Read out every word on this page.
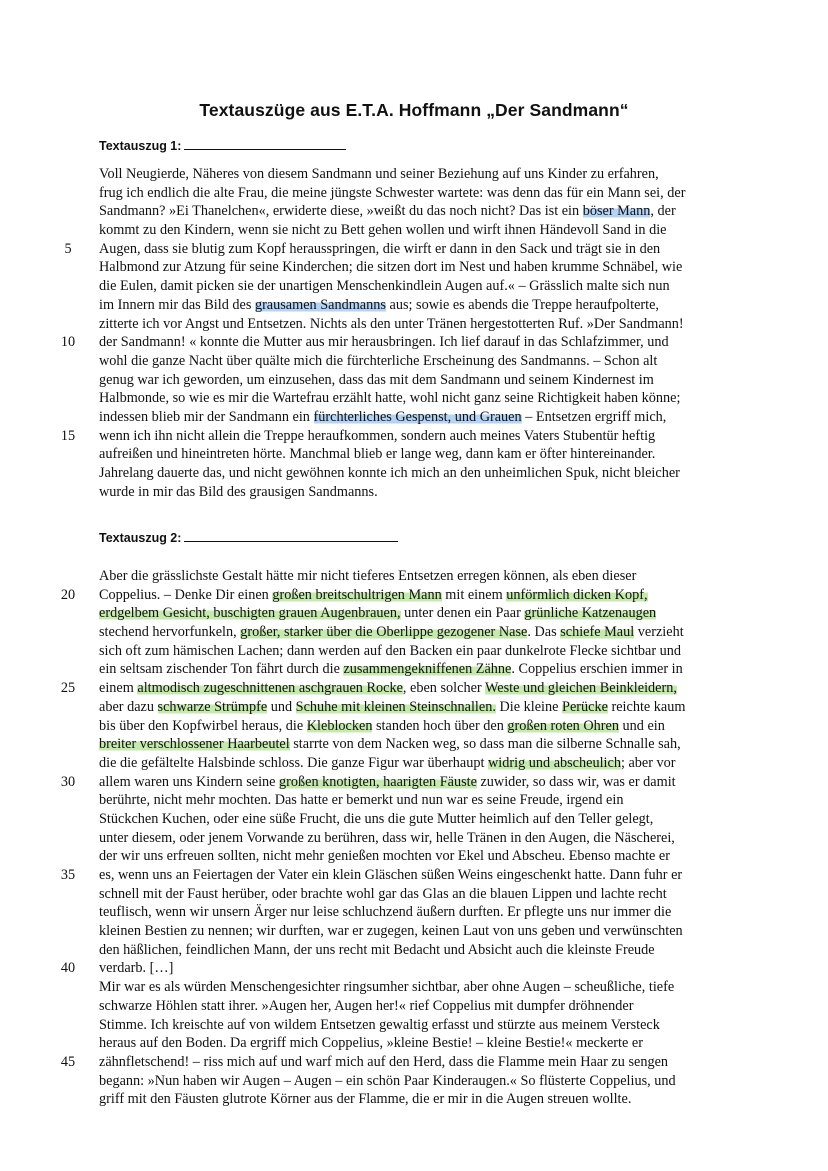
Textauszüge aus E.T.A. Hoffmann „Der Sandmann“
Textauszug 1:
Voll Neugierde, Näheres von diesem Sandmann und seiner Beziehung auf uns Kinder zu erfahren,
frug ich endlich die alte Frau, die meine jüngste Schwester wartete: was denn das für ein Mann sei, der
Sandmann? »Ei Thanelchen«, erwiderte diese, »weißt du das noch nicht? Das ist ein böser Mann, der
kommt zu den Kindern, wenn sie nicht zu Bett gehen wollen und wirft ihnen Händevoll Sand in die
5	Augen, dass sie blutig zum Kopf herausspringen, die wirft er dann in den Sack und trägt sie in den
Halbmond zur Atzung für seine Kinderchen; die sitzen dort im Nest und haben krumme Schnäbel, wie
die Eulen, damit picken sie der unartigen Menschenkindlein Augen auf.« – Grässlich malte sich nun
im Innern mir das Bild des grausamen Sandmanns aus; sowie es abends die Treppe heraufpolterte,
zitterte ich vor Angst und Entsetzen. Nichts als den unter Tränen hergestotterten Ruf. »Der Sandmann!
10 der Sandmann! « konnte die Mutter aus mir herausbringen. Ich lief darauf in das Schlafzimmer, und
wohl die ganze Nacht über quälte mich die fürchterliche Erscheinung des Sandmanns. – Schon alt
genug war ich geworden, um einzusehen, dass das mit dem Sandmann und seinem Kindernest im
Halbmonde, so wie es mir die Wartefrau erzählt hatte, wohl nicht ganz seine Richtigkeit haben könne;
indessen blieb mir der Sandmann ein fürchterliches Gespenst, und Grauen – Entsetzen ergriff mich,
15 wenn ich ihn nicht allein die Treppe heraufkommen, sondern auch meines Vaters Stubentür heftig
aufreißen und hineintreten hörte. Manchmal blieb er lange weg, dann kam er öfter hintereinander.
Jahrelang dauerte das, und nicht gewöhnen konnte ich mich an den unheimlichen Spuk, nicht bleicher
wurde in mir das Bild des grausigen Sandmanns.
Textauszug 2:
Aber die grässlichste Gestalt hätte mir nicht tieferes Entsetzen erregen können, als eben dieser
20 Coppelius. – Denke Dir einen großen breitschultrigen Mann mit einem unförmlich dicken Kopf,
erdgelbem Gesicht, buschigten grauen Augenbrauen, unter denen ein Paar grünliche Katzenaugen
stechend hervorfunkeln, großer, starker über die Oberlippe gezogener Nase. Das schiefe Maul verzieht
sich oft zum hämischen Lachen; dann werden auf den Backen ein paar dunkelrote Flecke sichtbar und
ein seltsam zischender Ton fährt durch die zusammengekniffenen Zähne. Coppelius erschien immer in
25 einem altmodisch zugeschnittenen aschgrauen Rocke, eben solcher Weste und gleichen Beinkleidern,
aber dazu schwarze Strümpfe und Schuhe mit kleinen Steinschnallen. Die kleine Perücke reichte kaum
bis über den Kopfwirbel heraus, die Kleblocken standen hoch über den großen roten Ohren und ein
breiter verschlossener Haarbeutel starrte von dem Nacken weg, so dass man die silberne Schnalle sah,
die die gefältelte Halsbinde schloss. Die ganze Figur war überhaupt widrig und abscheulich; aber vor
30 allem waren uns Kindern seine großen knotigten, haarigten Fäuste zuwider, so dass wir, was er damit
berührte, nicht mehr mochten. Das hatte er bemerkt und nun war es seine Freude, irgend ein
Stückchen Kuchen, oder eine süße Frucht, die uns die gute Mutter heimlich auf den Teller gelegt,
unter diesem, oder jenem Vorwande zu berühren, dass wir, helle Tränen in den Augen, die Näscherei,
der wir uns erfreuen sollten, nicht mehr genießen mochten vor Ekel und Abscheu. Ebenso machte er
35 es, wenn uns an Feiertagen der Vater ein klein Gläschen süßen Weins eingeschenkt hatte. Dann fuhr er
schnell mit der Faust herüber, oder brachte wohl gar das Glas an die blauen Lippen und lachte recht
teuflisch, wenn wir unsern Ärger nur leise schluchzend äußern durften. Er pflegte uns nur immer die
kleinen Bestien zu nennen; wir durften, war er zugegen, keinen Laut von uns geben und verwünschten
den häßlichen, feindlichen Mann, der uns recht mit Bedacht und Absicht auch die kleinste Freude
40 verdarb. […]
Mir war es als würden Menschengesichter ringsumher sichtbar, aber ohne Augen – scheußliche, tiefe
schwarze Höhlen statt ihrer. »Augen her, Augen her!« rief Coppelius mit dumpfer dröhnender
Stimme. Ich kreischte auf von wildem Entsetzen gewaltig erfasst und stürzte aus meinem Versteck
heraus auf den Boden. Da ergriff mich Coppelius, »kleine Bestie! – kleine Bestie!« meckerte er
45 zähnfletschend! – riss mich auf und warf mich auf den Herd, dass die Flamme mein Haar zu sengen
begann: »Nun haben wir Augen – Augen – ein schön Paar Kinderaugen.« So flüsterte Coppelius, und
griff mit den Fäusten glutrote Körner aus der Flamme, die er mir in die Augen streuen wollte.
